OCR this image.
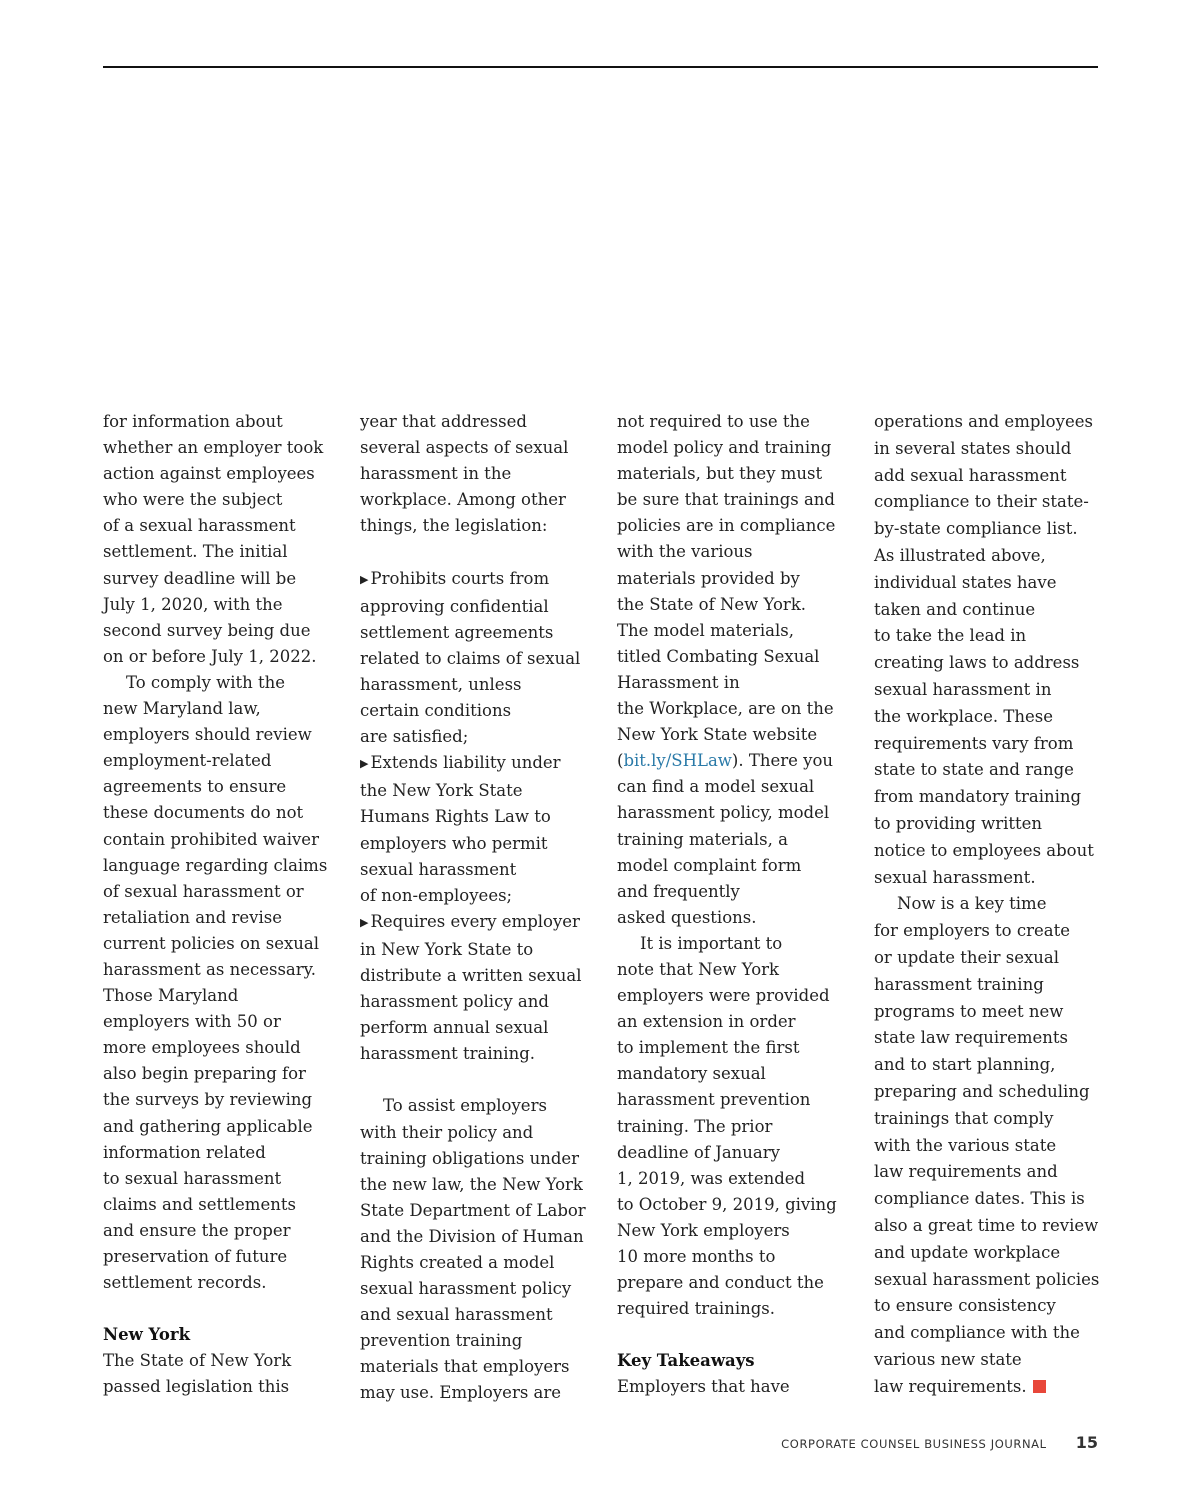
for information about
whether an employer took
action against employees
who were the subject
of a sexual harassment
settlement. The initial
survey deadline will be
July 1, 2020, with the
second survey being due
on or before July 1, 2022.
To comply with the
new Maryland law,
employers should review
employment-related
agreements to ensure
these documents do not
contain prohibited waiver
language regarding claims
of sexual harassment or
retaliation and revise
current policies on sexual
harassment as necessary.
Those Maryland
employers with 50 or
more employees should
also begin preparing for
the surveys by reviewing
and gathering applicable
information related
to sexual harassment
claims and settlements
and ensure the proper
preservation of future
settlement records.
New York
The State of New York
passed legislation this
year that addressed
several aspects of sexual
harassment in the
workplace. Among other
things, the legislation:
▶ Prohibits courts from
approving confidential
settlement agreements
related to claims of sexual
harassment, unless
certain conditions
are satisfied;
▶ Extends liability under
the New York State
Humans Rights Law to
employers who permit
sexual harassment
of non-employees;
▶ Requires every employer
in New York State to
distribute a written sexual
harassment policy and
perform annual sexual
harassment training.
To assist employers
with their policy and
training obligations under
the new law, the New York
State Department of Labor
and the Division of Human
Rights created a model
sexual harassment policy
and sexual harassment
prevention training
materials that employers
may use. Employers are
not required to use the
model policy and training
materials, but they must
be sure that trainings and
policies are in compliance
with the various
materials provided by
the State of New York.
The model materials,
titled Combating Sexual
Harassment in
the Workplace, are on the
New York State website
(bit.ly/SHLaw). There you
can find a model sexual
harassment policy, model
training materials, a
model complaint form
and frequently
asked questions.
It is important to
note that New York
employers were provided
an extension in order
to implement the first
mandatory sexual
harassment prevention
training. The prior
deadline of January
1, 2019, was extended
to October 9, 2019, giving
New York employers
10 more months to
prepare and conduct the
required trainings.
Key Takeaways
Employers that have
operations and employees
in several states should
add sexual harassment
compliance to their state-
by-state compliance list.
As illustrated above,
individual states have
taken and continue
to take the lead in
creating laws to address
sexual harassment in
the workplace. These
requirements vary from
state to state and range
from mandatory training
to providing written
notice to employees about
sexual harassment.
Now is a key time
for employers to create
or update their sexual
harassment training
programs to meet new
state law requirements
and to start planning,
preparing and scheduling
trainings that comply
with the various state
law requirements and
compliance dates. This is
also a great time to review
and update workplace
sexual harassment policies
to ensure consistency
and compliance with the
various new state
law requirements.
CORPORATE COUNSEL BUSINESS JOURNAL 15
